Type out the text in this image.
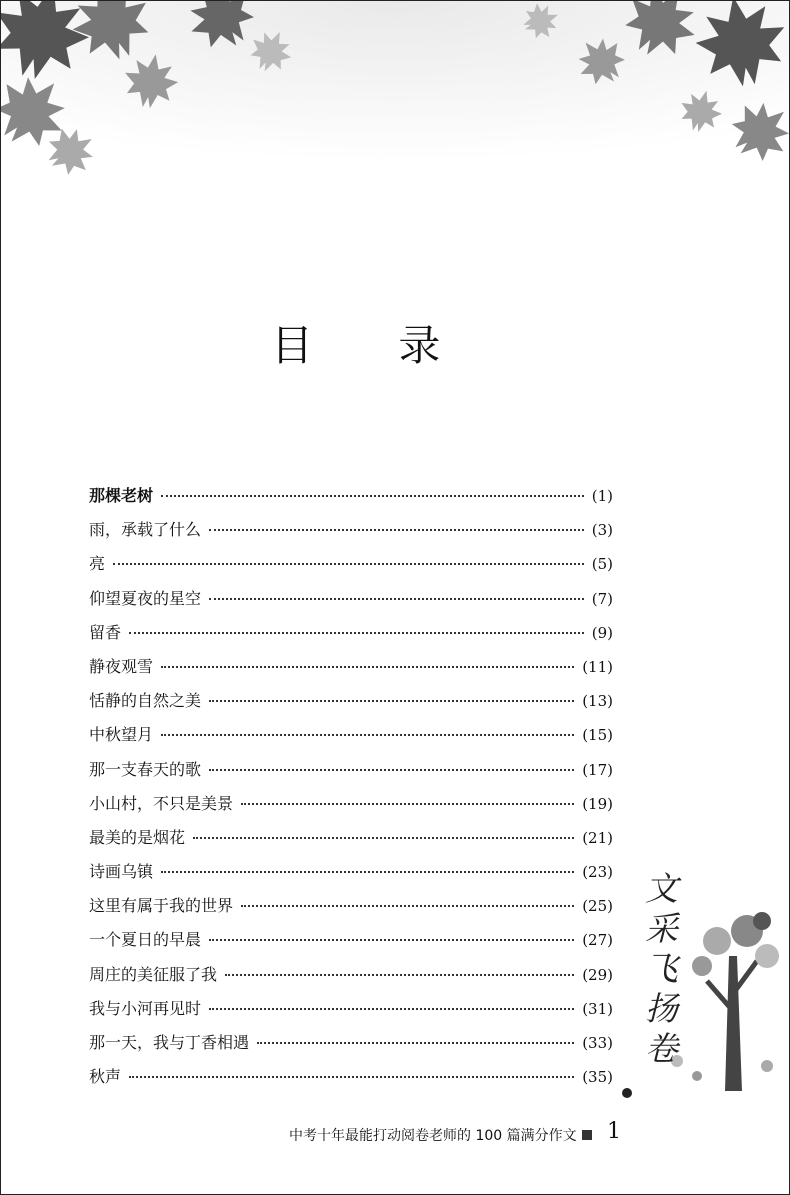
目 录
那棵老树	(1)
雨，承载了什么	(3)
亮	(5)
仰望夏夜的星空	(7)
留香	(9)
静夜观雪	(11)
恬静的自然之美	(13)
中秋望月	(15)
那一支春天的歌	(17)
小山村，不只是美景	(19)
最美的是烟花	(21)
诗画乌镇	(23)
这里有属于我的世界	(25)
一个夏日的早晨	(27)
周庄的美征服了我	(29)
我与小河再见时	(31)
那一天，我与丁香相遇	(33)
秋声	(35)
文采飞扬卷
中考十年最能打动阅卷老师的 100 篇满分作文 1
